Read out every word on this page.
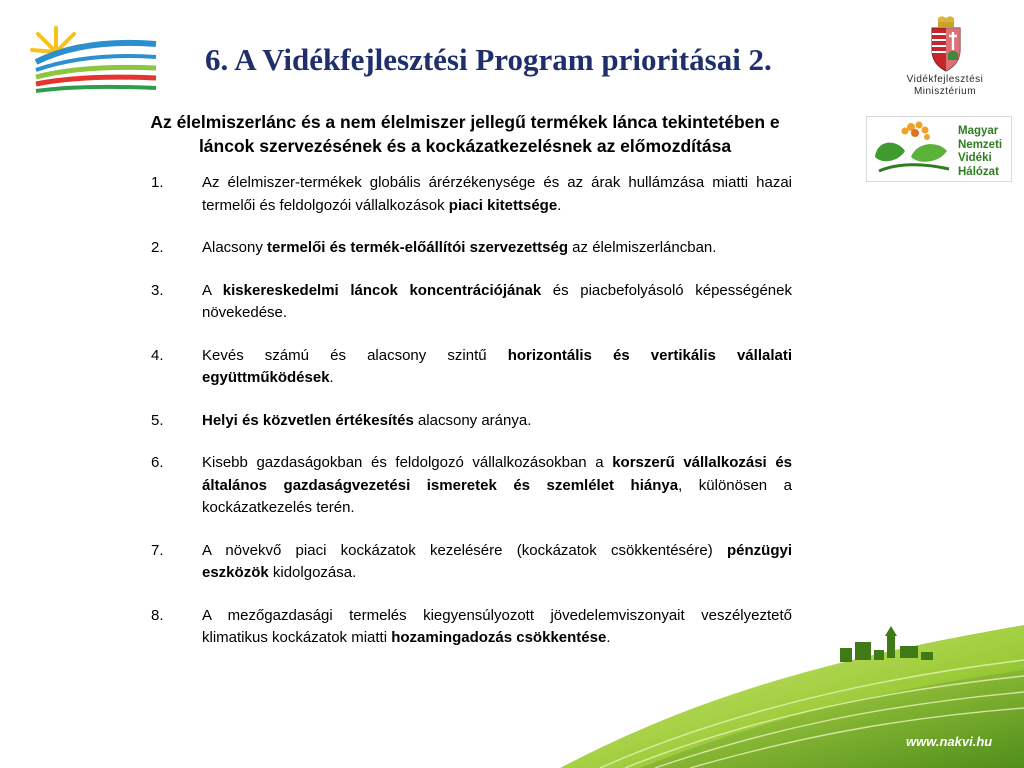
6. A Vidékfejlesztési Program prioritásai 2.
Vidékfejlesztési
Minisztérium
Magyar
Nemzeti
Vidéki
Hálózat
Az élelmiszerlánc és a nem élelmiszer jellegű termékek lánca tekintetében e
láncok szervezésének és a kockázatkezelésnek az előmozdítása
1.	Az élelmiszer-termékek globális árérzékenysége és az árak hullámzása miatti hazai termelői és feldolgozói vállalkozások piaci kitettsége.
2.	Alacsony termelői és termék-előállítói szervezettség az élelmiszerláncban.
3.	A kiskereskedelmi láncok koncentrációjának és piacbefolyásoló képességének növekedése.
4.	Kevés számú és alacsony szintű horizontális és vertikális vállalati együttműködések.
5.	Helyi és közvetlen értékesítés alacsony aránya.
6.	Kisebb gazdaságokban és feldolgozó vállalkozásokban a korszerű vállalkozási és általános gazdaságvezetési ismeretek és szemlélet hiánya, különösen a kockázatkezelés terén.
7.	A növekvő piaci kockázatok kezelésére (kockázatok csökkentésére) pénzügyi eszközök kidolgozása.
8.	A mezőgazdasági termelés kiegyensúlyozott jövedelemviszonyait veszélyeztető klimatikus kockázatok miatti hozamingadozás csökkentése.
www.nakvi.hu
